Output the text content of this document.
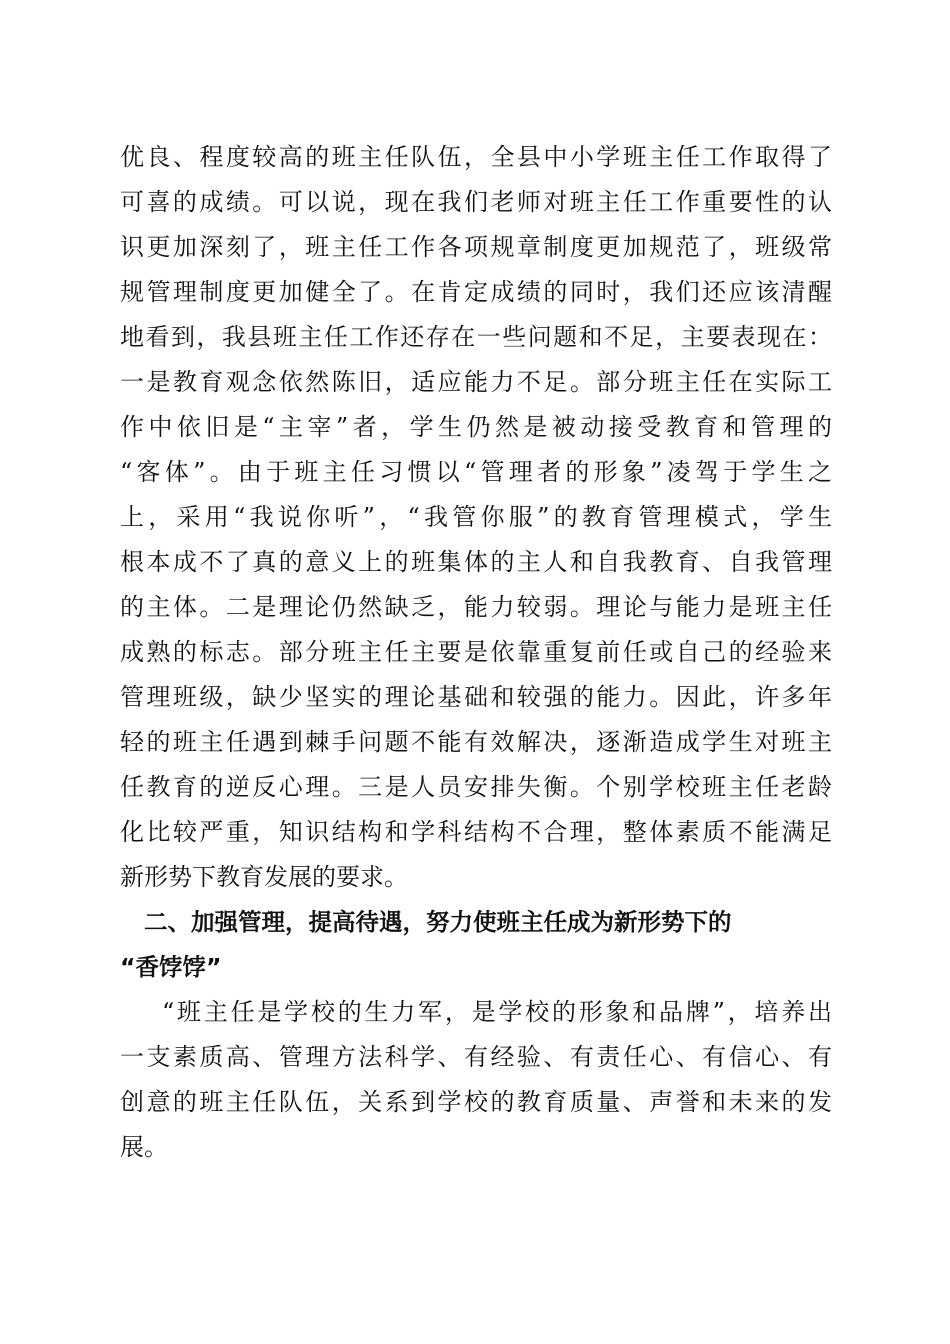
优良、程度较高的班主任队伍，全县中小学班主任工作取得了
可喜的成绩。可以说，现在我们老师对班主任工作重要性的认
识更加深刻了，班主任工作各项规章制度更加规范了，班级常
规管理制度更加健全了。在肯定成绩的同时，我们还应该清醒
地看到，我县班主任工作还存在一些问题和不足，主要表现在：
一是教育观念依然陈旧，适应能力不足。部分班主任在实际工
作中依旧是“主宰”者，学生仍然是被动接受教育和管理的
“客体”。由于班主任习惯以“管理者的形象”凌驾于学生之
上，采用“我说你听”，“我管你服”的教育管理模式，学生
根本成不了真的意义上的班集体的主人和自我教育、自我管理
的主体。二是理论仍然缺乏，能力较弱。理论与能力是班主任
成熟的标志。部分班主任主要是依靠重复前任或自己的经验来
管理班级，缺少坚实的理论基础和较强的能力。因此，许多年
轻的班主任遇到棘手问题不能有效解决，逐渐造成学生对班主
任教育的逆反心理。三是人员安排失衡。个别学校班主任老龄
化比较严重，知识结构和学科结构不合理，整体素质不能满足
新形势下教育发展的要求。
二、加强管理，提高待遇，努力使班主任成为新形势下的
“香饽饽”
“班主任是学校的生力军，是学校的形象和品牌”，培养出
一支素质高、管理方法科学、有经验、有责任心、有信心、有
创意的班主任队伍，关系到学校的教育质量、声誉和未来的发
展。
